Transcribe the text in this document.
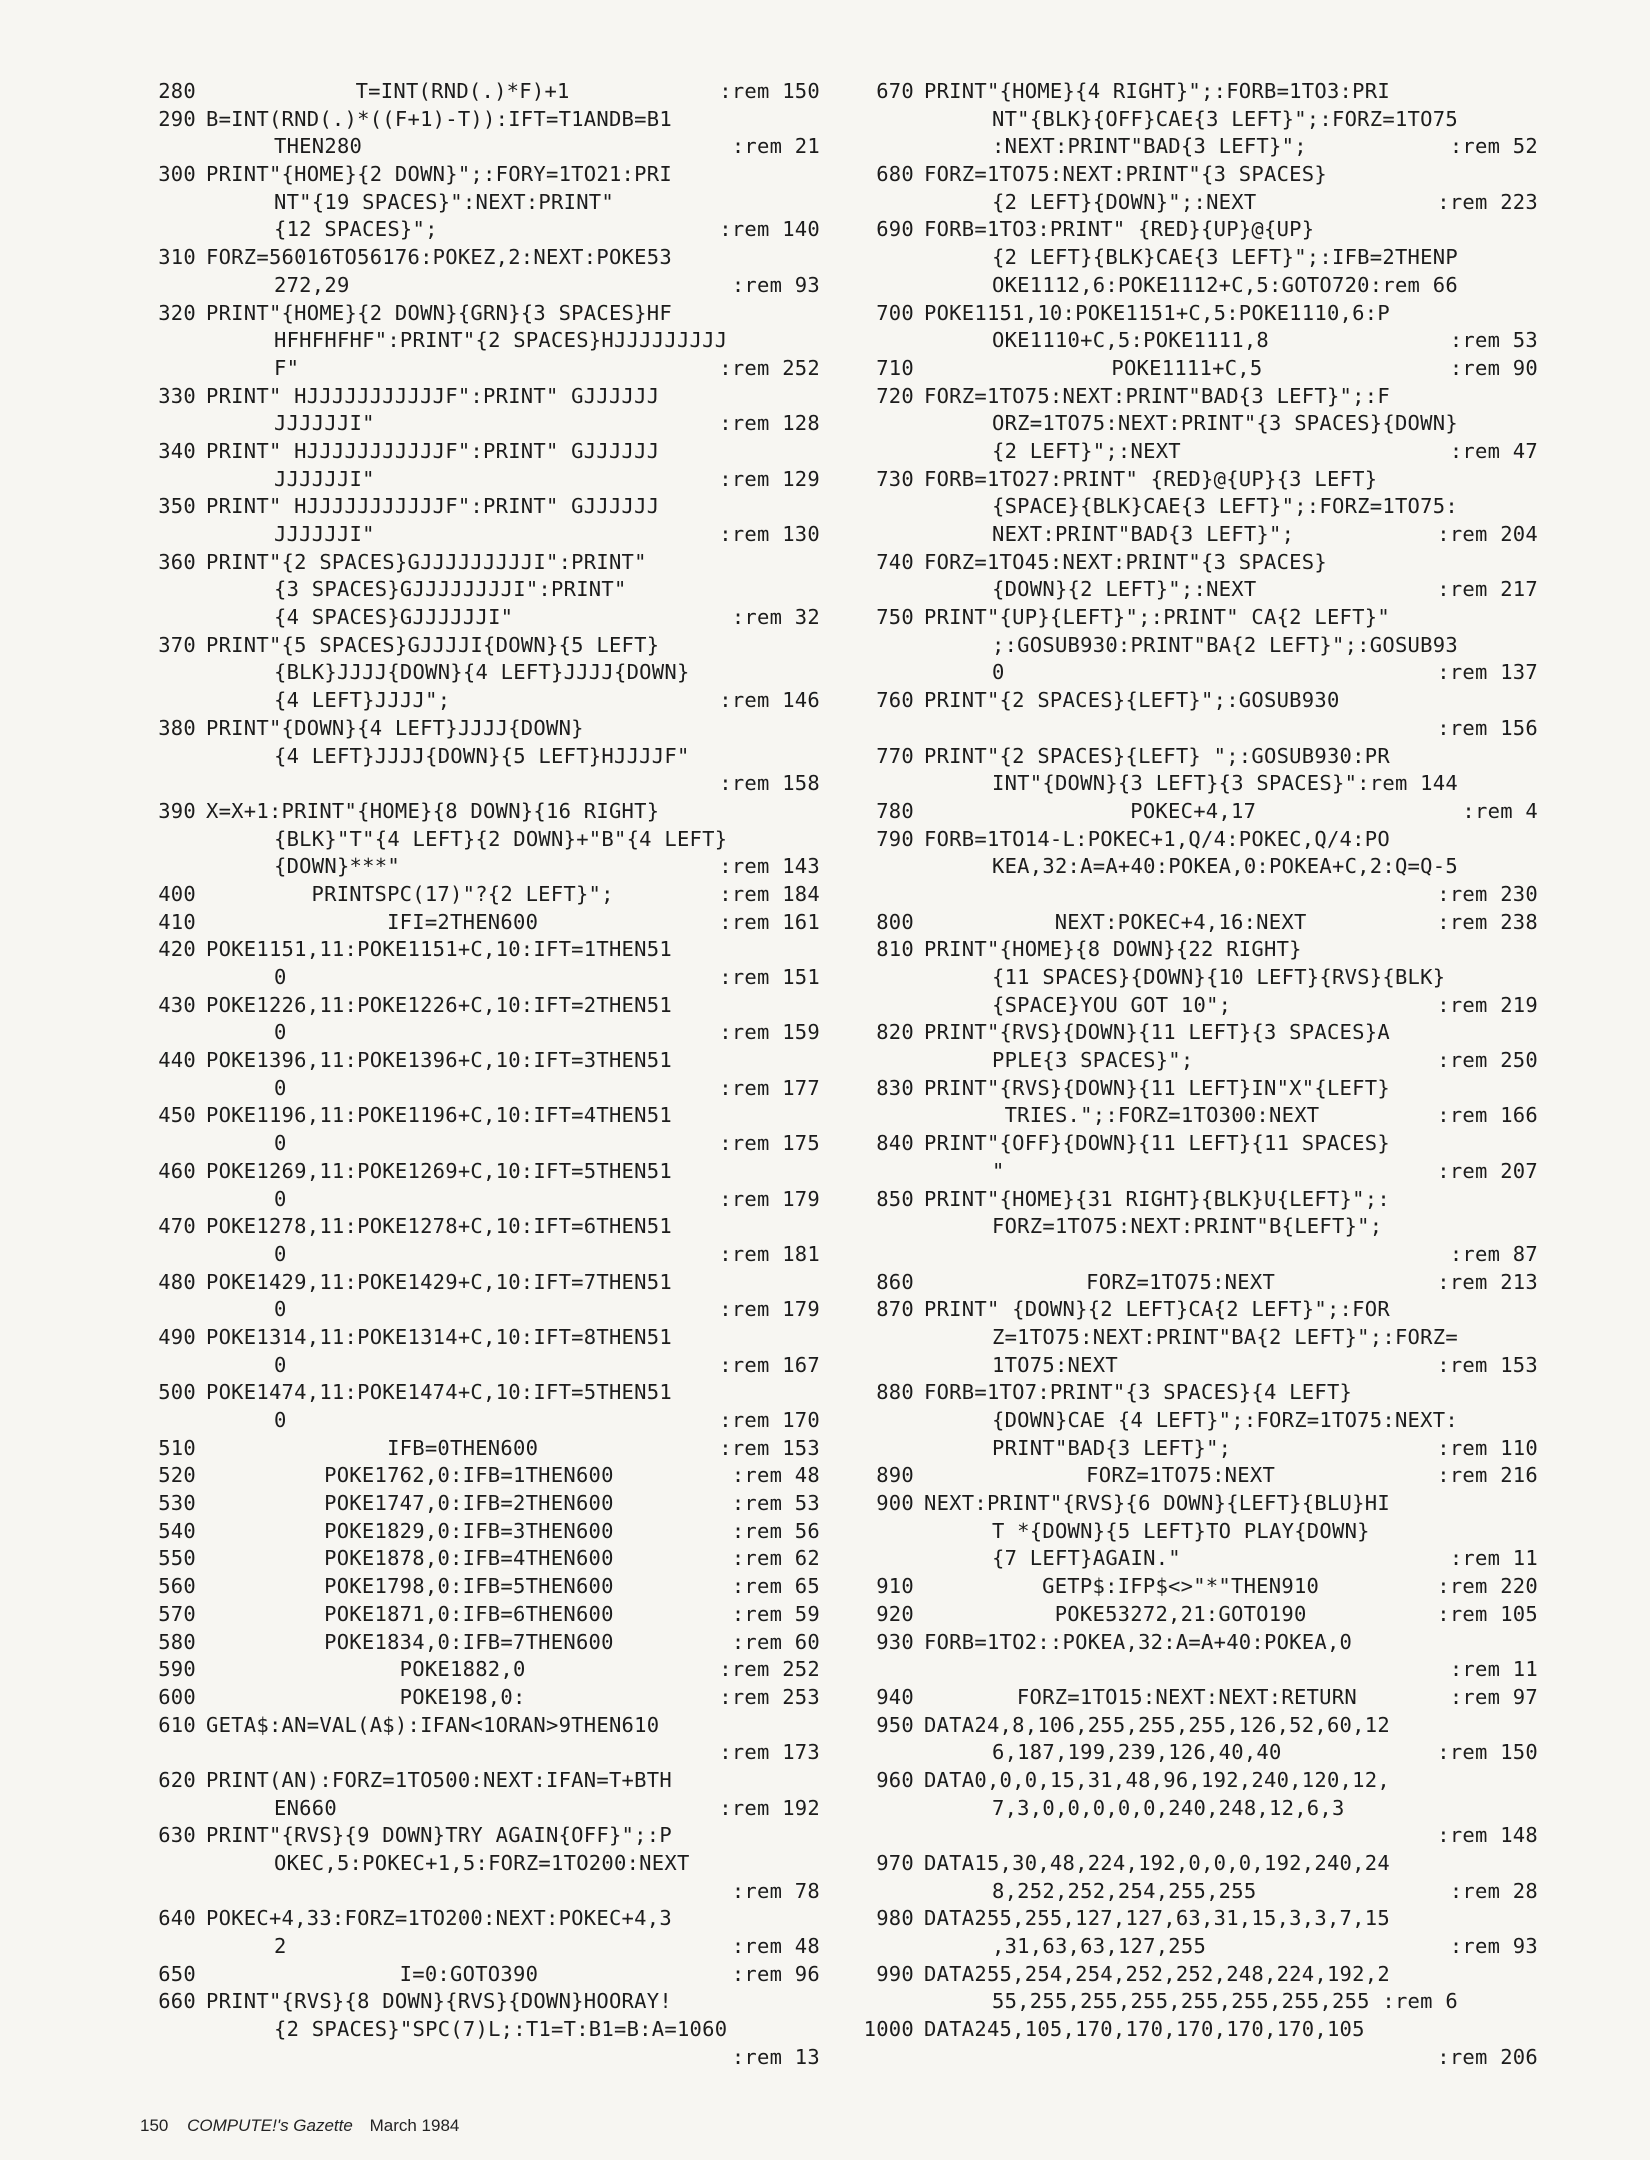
280	T=INT(RND(.)*F)+1	:rem 150
290 B=INT(RND(.)*((F+1)-T)):IFT=T1ANDB=B1
THEN280	:rem 21
300 PRINT"{HOME}{2 DOWN}";:FORY=1TO21:PRI
NT"{19 SPACES}":NEXT:PRINT"
{12 SPACES}";	:rem 140
310 FORZ=56016TO56176:POKEZ,2:NEXT:POKE53
272,29	:rem 93
320 PRINT"{HOME}{2 DOWN}{GRN}{3 SPACES}HF
HFHFHFHF":PRINT"{2 SPACES}HJJJJJJJJJ
F"	:rem 252
330 PRINT" HJJJJJJJJJJJF":PRINT" GJJJJJJ
JJJJJJI"	:rem 128
340 PRINT" HJJJJJJJJJJJF":PRINT" GJJJJJJ
JJJJJJI"	:rem 129
350 PRINT" HJJJJJJJJJJJF":PRINT" GJJJJJJ
JJJJJJI"	:rem 130
360 PRINT"{2 SPACES}GJJJJJJJJJI":PRINT"
{3 SPACES}GJJJJJJJJI":PRINT"
{4 SPACES}GJJJJJJI"	:rem 32
370 PRINT"{5 SPACES}GJJJJI{DOWN}{5 LEFT}
{BLK}JJJJ{DOWN}{4 LEFT}JJJJ{DOWN}
{4 LEFT}JJJJ";	:rem 146
380 PRINT"{DOWN}{4 LEFT}JJJJ{DOWN}
{4 LEFT}JJJJ{DOWN}{5 LEFT}HJJJJF"
:rem 158
390 X=X+1:PRINT"{HOME}{8 DOWN}{16 RIGHT}
{BLK}"T"{4 LEFT}{2 DOWN}+"B"{4 LEFT}
{DOWN}***"	:rem 143
400	PRINTSPC(17)"?{2 LEFT}";	:rem 184
410	IFI=2THEN600	:rem 161
420 POKE1151,11:POKE1151+C,10:IFT=1THEN51
0	:rem 151
430 POKE1226,11:POKE1226+C,10:IFT=2THEN51
0	:rem 159
440 POKE1396,11:POKE1396+C,10:IFT=3THEN51
0	:rem 177
450 POKE1196,11:POKE1196+C,10:IFT=4THEN51
0	:rem 175
460 POKE1269,11:POKE1269+C,10:IFT=5THEN51
0	:rem 179
470 POKE1278,11:POKE1278+C,10:IFT=6THEN51
0	:rem 181
480 POKE1429,11:POKE1429+C,10:IFT=7THEN51
0	:rem 179
490 POKE1314,11:POKE1314+C,10:IFT=8THEN51
0	:rem 167
500 POKE1474,11:POKE1474+C,10:IFT=5THEN51
0	:rem 170
510	IFB=0THEN600	:rem 153
520	POKE1762,0:IFB=1THEN600	:rem 48
530	POKE1747,0:IFB=2THEN600	:rem 53
540	POKE1829,0:IFB=3THEN600	:rem 56
550	POKE1878,0:IFB=4THEN600	:rem 62
560	POKE1798,0:IFB=5THEN600	:rem 65
570	POKE1871,0:IFB=6THEN600	:rem 59
580	POKE1834,0:IFB=7THEN600	:rem 60
590	POKE1882,0	:rem 252
600	POKE198,0:	:rem 253
610 GETA$:AN=VAL(A$):IFAN<1ORAN>9THEN610
:rem 173
620 PRINT(AN):FORZ=1TO500:NEXT:IFAN=T+BTH
EN660	:rem 192
630 PRINT"{RVS}{9 DOWN}TRY AGAIN{OFF}";:P
OKEC,5:POKEC+1,5:FORZ=1TO200:NEXT
:rem 78
640 POKEC+4,33:FORZ=1TO200:NEXT:POKEC+4,3
2	:rem 48
650	I=0:GOTO390	:rem 96
660 PRINT"{RVS}{8 DOWN}{RVS}{DOWN}HOORAY!
{2 SPACES}"SPC(7)L;:T1=T:B1=B:A=1060
:rem 13
670 PRINT"{HOME}{4 RIGHT}";:FORB=1TO3:PRI
NT"{BLK}{OFF}CAE{3 LEFT}";:FORZ=1TO75
:NEXT:PRINT"BAD{3 LEFT}";	:rem 52
680 FORZ=1TO75:NEXT:PRINT"{3 SPACES}
{2 LEFT}{DOWN}";:NEXT	:rem 223
690 FORB=1TO3:PRINT" {RED}{UP}@{UP}
{2 LEFT}{BLK}CAE{3 LEFT}";:IFB=2THENP
OKE1112,6:POKE1112+C,5:GOTO720:rem 66
700 POKE1151,10:POKE1151+C,5:POKE1110,6:P
OKE1110+C,5:POKE1111,8	:rem 53
710	POKE1111+C,5	:rem 90
720 FORZ=1TO75:NEXT:PRINT"BAD{3 LEFT}";:F
ORZ=1TO75:NEXT:PRINT"{3 SPACES}{DOWN}
{2 LEFT}";:NEXT	:rem 47
730 FORB=1TO27:PRINT" {RED}@{UP}{3 LEFT}
{SPACE}{BLK}CAE{3 LEFT}";:FORZ=1TO75:
NEXT:PRINT"BAD{3 LEFT}";	:rem 204
740 FORZ=1TO45:NEXT:PRINT"{3 SPACES}
{DOWN}{2 LEFT}";:NEXT	:rem 217
750 PRINT"{UP}{LEFT}";:PRINT" CA{2 LEFT}"
;:GOSUB930:PRINT"BA{2 LEFT}";:GOSUB93
0	:rem 137
760 PRINT"{2 SPACES}{LEFT}";:GOSUB930
:rem 156
770 PRINT"{2 SPACES}{LEFT} ";:GOSUB930:PR
INT"{DOWN}{3 LEFT}{3 SPACES}":rem 144
780	POKEC+4,17	:rem 4
790 FORB=1TO14-L:POKEC+1,Q/4:POKEC,Q/4:PO
KEA,32:A=A+40:POKEA,0:POKEA+C,2:Q=Q-5
:rem 230
800	NEXT:POKEC+4,16:NEXT	:rem 238
810 PRINT"{HOME}{8 DOWN}{22 RIGHT}
{11 SPACES}{DOWN}{10 LEFT}{RVS}{BLK}
{SPACE}YOU GOT 10";	:rem 219
820 PRINT"{RVS}{DOWN}{11 LEFT}{3 SPACES}A
PPLE{3 SPACES}";	:rem 250
830 PRINT"{RVS}{DOWN}{11 LEFT}IN"X"{LEFT}
TRIES.";:FORZ=1TO300:NEXT	:rem 166
840 PRINT"{OFF}{DOWN}{11 LEFT}{11 SPACES}
"	:rem 207
850 PRINT"{HOME}{31 RIGHT}{BLK}U{LEFT}";:
FORZ=1TO75:NEXT:PRINT"B{LEFT}";
:rem 87
860	FORZ=1TO75:NEXT	:rem 213
870 PRINT" {DOWN}{2 LEFT}CA{2 LEFT}";:FOR
Z=1TO75:NEXT:PRINT"BA{2 LEFT}";:FORZ=
1TO75:NEXT	:rem 153
880 FORB=1TO7:PRINT"{3 SPACES}{4 LEFT}
{DOWN}CAE {4 LEFT}";:FORZ=1TO75:NEXT:
PRINT"BAD{3 LEFT}";	:rem 110
890	FORZ=1TO75:NEXT	:rem 216
900 NEXT:PRINT"{RVS}{6 DOWN}{LEFT}{BLU}HI
T *{DOWN}{5 LEFT}TO PLAY{DOWN}
{7 LEFT}AGAIN."	:rem 11
910	GETP$:IFP$<>"*"THEN910	:rem 220
920	POKE53272,21:GOTO190	:rem 105
930 FORB=1TO2::POKEA,32:A=A+40:POKEA,0
:rem 11
940	FORZ=1TO15:NEXT:NEXT:RETURN	:rem 97
950 DATA24,8,106,255,255,255,126,52,60,12
6,187,199,239,126,40,40	:rem 150
960 DATA0,0,0,15,31,48,96,192,240,120,12,
7,3,0,0,0,0,0,240,248,12,6,3
:rem 148
970 DATA15,30,48,224,192,0,0,0,192,240,24
8,252,252,254,255,255	:rem 28
980 DATA255,255,127,127,63,31,15,3,3,7,15
,31,63,63,127,255	:rem 93
990 DATA255,254,254,252,252,248,224,192,2
55,255,255,255,255,255,255,255 :rem 6
1000 DATA245,105,170,170,170,170,170,105
:rem 206
150 COMPUTE!'s Gazette March 1984
